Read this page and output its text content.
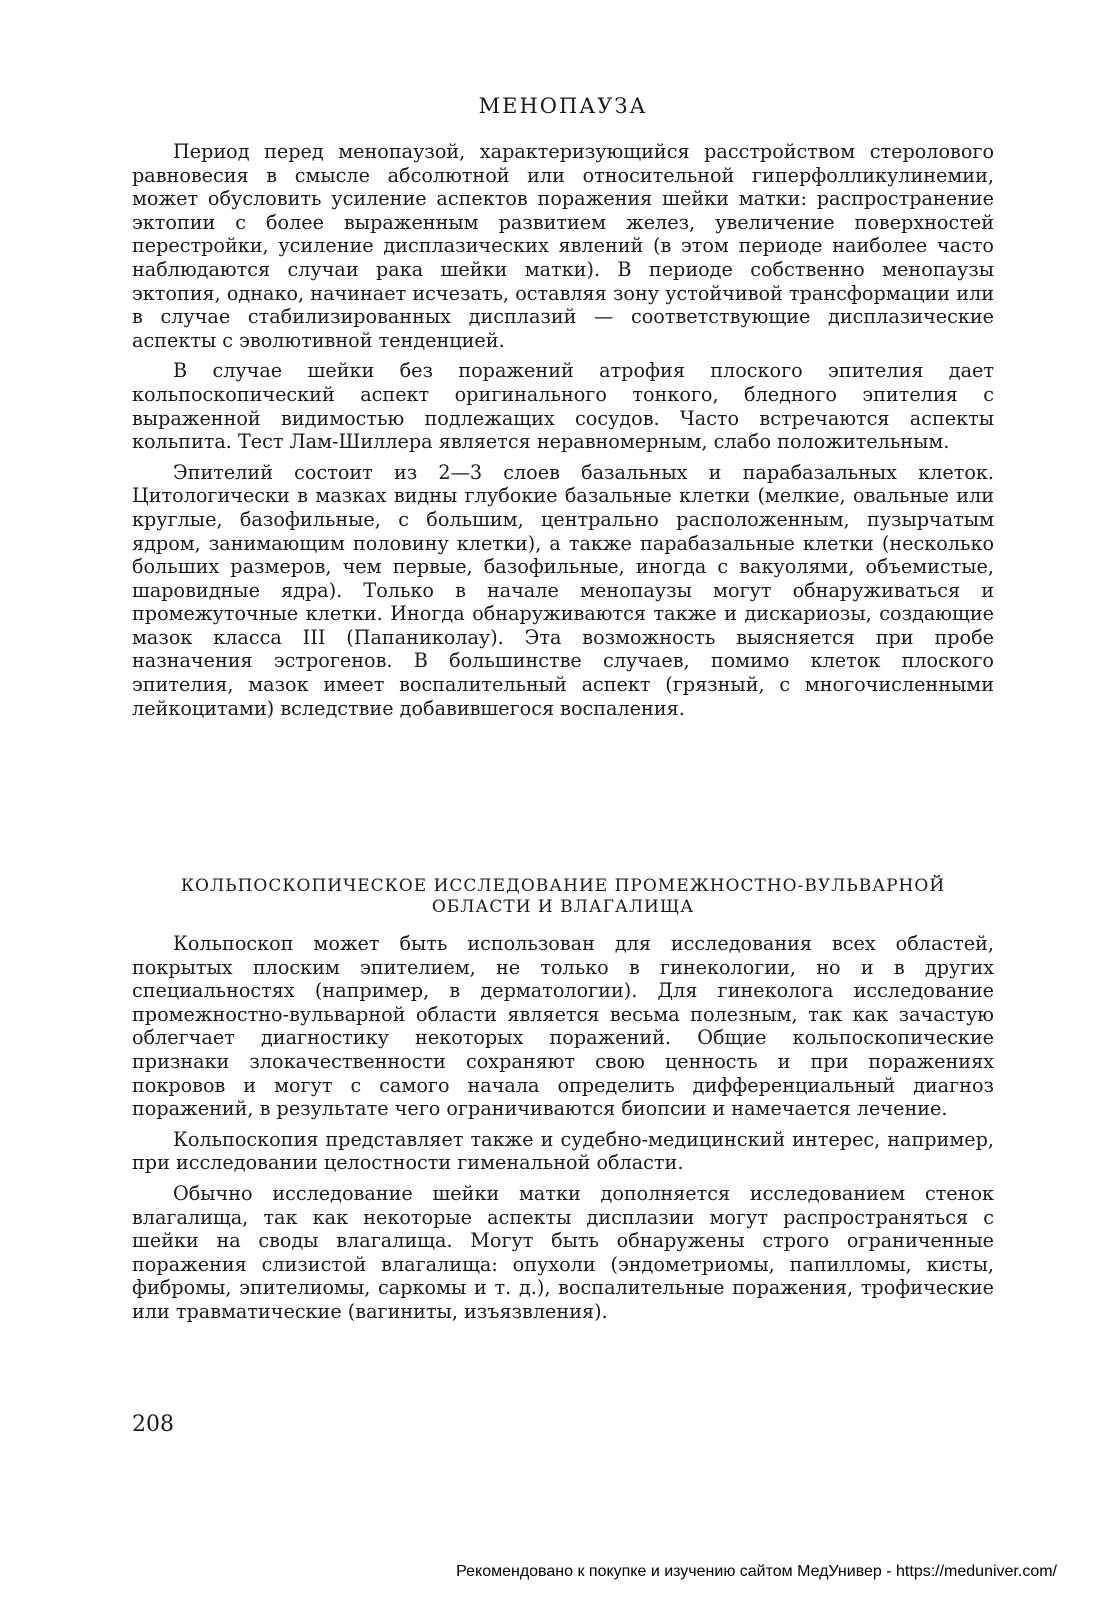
МЕНОПАУЗА

Период перед менопаузой, характеризующийся расстройством стеролового равновесия в смысле абсолютной или относительной гиперфолликулинемии, может обусловить усиление аспектов поражения шейки матки: распространение эктопии с более выраженным развитием желез, увеличение поверхностей перестройки, усиление дисплазических явлений (в этом периоде наиболее часто наблюдаются случаи рака шейки матки). В периоде собственно менопаузы эктопия, однако, начинает исчезать, оставляя зону устойчивой трансформации или в случае стабилизированных дисплазий — соответствующие дисплазические аспекты с эволютивной тенденцией.

В случае шейки без поражений атрофия плоского эпителия дает кольпоскопический аспект оригинального тонкого, бледного эпителия с выраженной видимостью подлежащих сосудов. Часто встречаются аспекты кольпита. Тест Лам-Шиллера является неравномерным, слабо положительным.

Эпителий состоит из 2—3 слоев базальных и парабазальных клеток. Цитологически в мазках видны глубокие базальные клетки (мелкие, овальные или круглые, базофильные, с большим, центрально расположенным, пузырчатым ядром, занимающим половину клетки), а также парабазальные клетки (несколько больших размеров, чем первые, базофильные, иногда с вакуолями, объемистые, шаровидные ядра). Только в начале менопаузы могут обнаруживаться и промежуточные клетки. Иногда обнаруживаются также и дискариозы, создающие мазок класса III (Папаниколау). Эта возможность выясняется при пробе назначения эстрогенов. В большинстве случаев, помимо клеток плоского эпителия, мазок имеет воспалительный аспект (грязный, с многочисленными лейкоцитами) вследствие добавившегося воспаления.

КОЛЬПОСКОПИЧЕСКОЕ ИССЛЕДОВАНИЕ ПРОМЕЖНОСТНО-ВУЛЬВАРНОЙ
ОБЛАСТИ И ВЛАГАЛИЩА

Кольпоскоп может быть использован для исследования всех областей, покрытых плоским эпителием, не только в гинекологии, но и в других специальностях (например, в дерматологии). Для гинеколога исследование промежностно-вульварной области является весьма полезным, так как зачастую облегчает диагностику некоторых поражений. Общие кольпоскопические признаки злокачественности сохраняют свою ценность и при поражениях покровов и могут с самого начала определить дифференциальный диагноз поражений, в результате чего ограничиваются биопсии и намечается лечение.

Кольпоскопия представляет также и судебно-медицинский интерес, например, при исследовании целостности гименальной области.

Обычно исследование шейки матки дополняется исследованием стенок влагалища, так как некоторые аспекты дисплазии могут распространяться с шейки на своды влагалища. Могут быть обнаружены строго ограниченные поражения слизистой влагалища: опухоли (эндометриомы, папилломы, кисты, фибромы, эпителиомы, саркомы и т. д.), воспалительные поражения, трофические или травматические (вагиниты, изъязвления).

208
Рекомендовано к покупке и изучению сайтом МедУнивер - https://meduniver.com/
